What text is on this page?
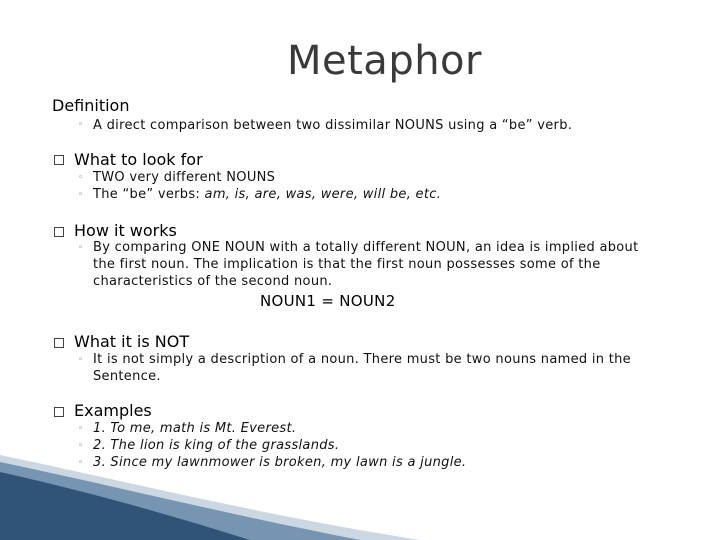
Metaphor
Definition
◦ A direct comparison between two dissimilar NOUNS using a “be” verb.
What to look for
◦ TWO very different NOUNS
◦ The “be” verbs: am, is, are, was, were, will be, etc.
How it works
◦ By comparing ONE NOUN with a totally different NOUN, an idea is implied about
the first noun. The implication is that the first noun possesses some of the
characteristics of the second noun.
NOUN1 = NOUN2
What it is NOT
◦ It is not simply a description of a noun. There must be two nouns named in the
Sentence.
Examples
◦ 1. To me, math is Mt. Everest.
◦ 2. The lion is king of the grasslands.
◦ 3. Since my lawnmower is broken, my lawn is a jungle.
